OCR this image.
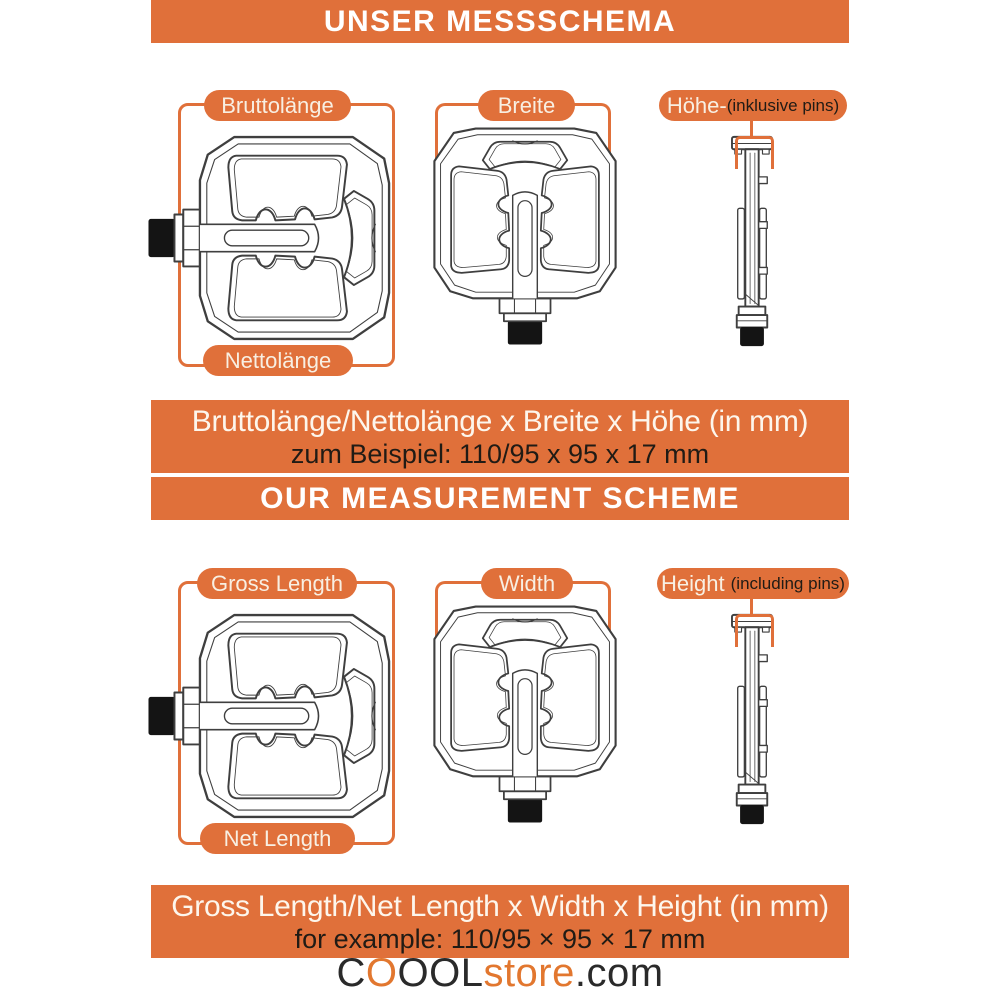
UNSER MESSSCHEMA
Bruttolänge
Nettolänge
Breite	Höhe- (inklusive pins)
Bruttolänge/Nettolänge x Breite x Höhe (in mm)
zum Beispiel: 110/95 x 95 x 17 mm
OUR MEASUREMENT SCHEME
Gross Length
Net Length
Width	Height (including pins)
Gross Length/Net Length x Width x Height (in mm)
for example: 110/95 × 95 × 17 mm
COOOLstore.com
